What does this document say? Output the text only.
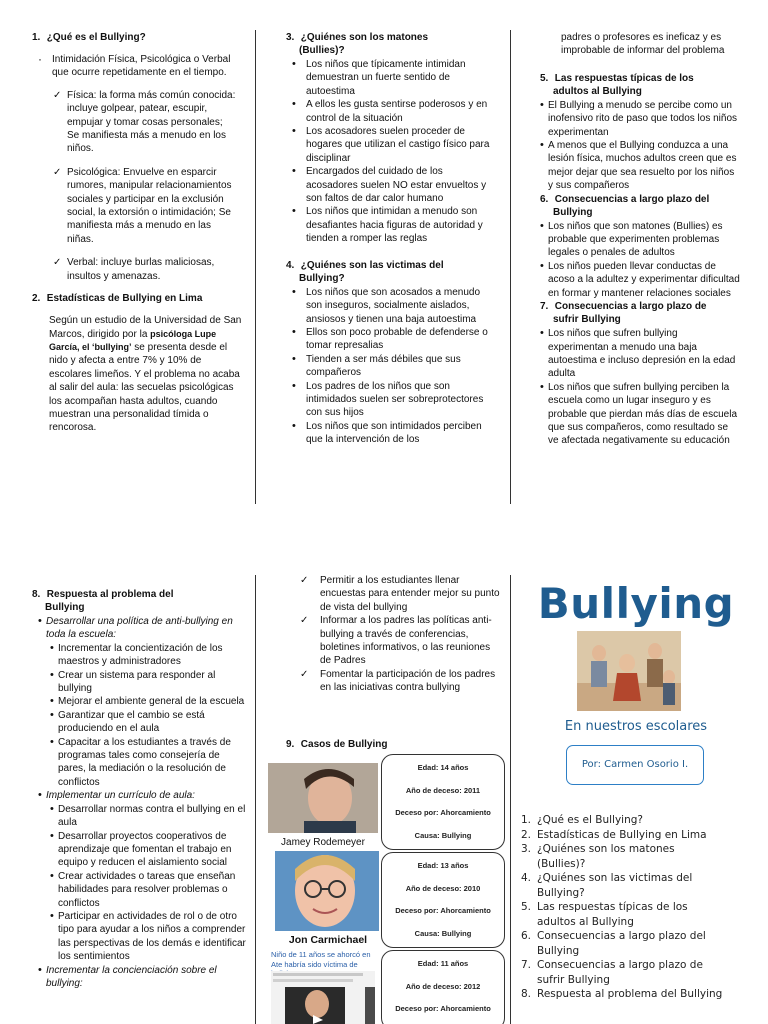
1. ¿Qué es el Bullying?
· Intimidación Física, Psicológica o Verbal que ocurre repetidamente en el tiempo.
✓ Física: la forma más común conocida: incluye golpear, patear, escupir, empujar y tomar cosas personales; Se manifiesta más a menudo en los niños.
✓ Psicológica: Envuelve en esparcir rumores, manipular relacionamientos sociales y participar en la exclusión social, la extorsión o intimidación; Se manifiesta más a menudo en las niñas.
✓ Verbal: incluye burlas maliciosas, insultos y amenazas.
2. Estadísticas de Bullying en Lima

Según un estudio de la Universidad de San Marcos, dirigido por la psicóloga Lupe García, el ‘bullying’ se presenta desde el nido y afecta a entre 7% y 10% de escolares limeños. Y el problema no acaba al salir del aula: las secuelas psicológicas los acompañan hasta adultos, cuando muestran una personalidad tímida o rencorosa.

3. ¿Quiénes son los matones
(Bullies)?
• Los niños que típicamente intimidan demuestran un fuerte sentido de autoestima
• A ellos les gusta sentirse poderosos y en control de la situación
• Los acosadores suelen proceder de hogares que utilizan el castigo físico para disciplinar
• Encargados del cuidado de los acosadores suelen NO estar envueltos y son faltos de dar calor humano
• Los niños que intimidan a menudo son desafiantes hacia figuras de autoridad y tienden a romper las reglas
4. ¿Quiénes son las victimas del
Bullying?
• Los niños que son acosados a menudo son inseguros, socialmente aislados, ansiosos y tienen una baja autoestima
• Ellos son poco probable de defenderse o tomar represalias
• Tienden a ser más débiles que sus compañeros
• Los padres de los niños que son intimidados suelen ser sobreprotectores con sus hijos
• Los niños que son intimidados perciben que la intervención de los

padres o profesores es ineficaz y es improbable de informar del problema

5. Las respuestas típicas de los
adultos al Bullying
• El Bullying a menudo se percibe como un inofensivo rito de paso que todos los niños experimentan
• A menos que el Bullying conduzca a una lesión física, muchos adultos creen que es mejor dejar que sea resuelto por los niños y sus compañeros
6. Consecuencias a largo plazo del
Bullying
• Los niños que son matones (Bullies) es probable que experimenten problemas legales o penales de adultos
• Los niños pueden llevar conductas de acoso a la adultez y experimentar dificultad en formar y mantener relaciones sociales
7. Consecuencias a largo plazo de
sufrir Bullying
• Los niños que sufren bullying experimentan a menudo una baja autoestima e incluso depresión en la edad adulta
• Los niños que sufren bullying perciben la escuela como un lugar inseguro y es probable que pierdan más días de escuela que sus compañeros, como resultado se ve afectada negativamente su educación
8. Respuesta al problema del
Bullying
• Desarrollar una política de anti-bullying en toda la escuela:
• Incrementar la concientización de los maestros y administradores
• Crear un sistema para responder al bullying
• Mejorar el ambiente general de la escuela
• Garantizar que el cambio se está produciendo en el aula
• Capacitar a los estudiantes a través de programas tales como consejería de pares, la mediación o la resolución de conflictos
• Implementar un currículo de aula:
• Desarrollar normas contra el bullying en el aula
• Desarrollar proyectos cooperativos de aprendizaje que fomentan el trabajo en equipo y reducen el aislamiento social
• Crear actividades o tareas que enseñan habilidades para resolver problemas o conflictos
• Participar en actividades de rol o de otro tipo para ayudar a los niños a comprender las perspectivas de los demás e identificar los sentimientos
• Incrementar la concienciación sobre el bullying:
✓ Permitir a los estudiantes llenar encuestas para entender mejor su punto de vista del bullying
✓ Informar a los padres las políticas anti-bullying a través de conferencias, boletines informativos, o las reuniones de Padres
✓ Fomentar la participación de los padres en las iniciativas contra bullying
9. Casos de Bullying
Jamey Rodemeyer
Edad: 14 años
Año de deceso: 2011
Deceso por: Ahorcamiento
Causa: Bullying
Jon Carmichael
Edad: 13 años
Año de deceso: 2010
Deceso por: Ahorcamiento
Causa: Bullying
Niño de 11 años se ahorcó en Ate habría sido víctima de	Edad: 11 años
Año de deceso: 2012
Deceso por: Ahorcamiento
Bullying
En nuestros escolares
Por: Carmen Osorio I.
1. ¿Qué es el Bullying?
2. Estadísticas de Bullying en Lima
3. ¿Quiénes son los matones (Bullies)?
4. ¿Quiénes son las victimas del Bullying?
5. Las respuestas típicas de los adultos al Bullying
6. Consecuencias a largo plazo del Bullying
7. Consecuencias a largo plazo de sufrir Bullying
8. Respuesta al problema del Bullying
